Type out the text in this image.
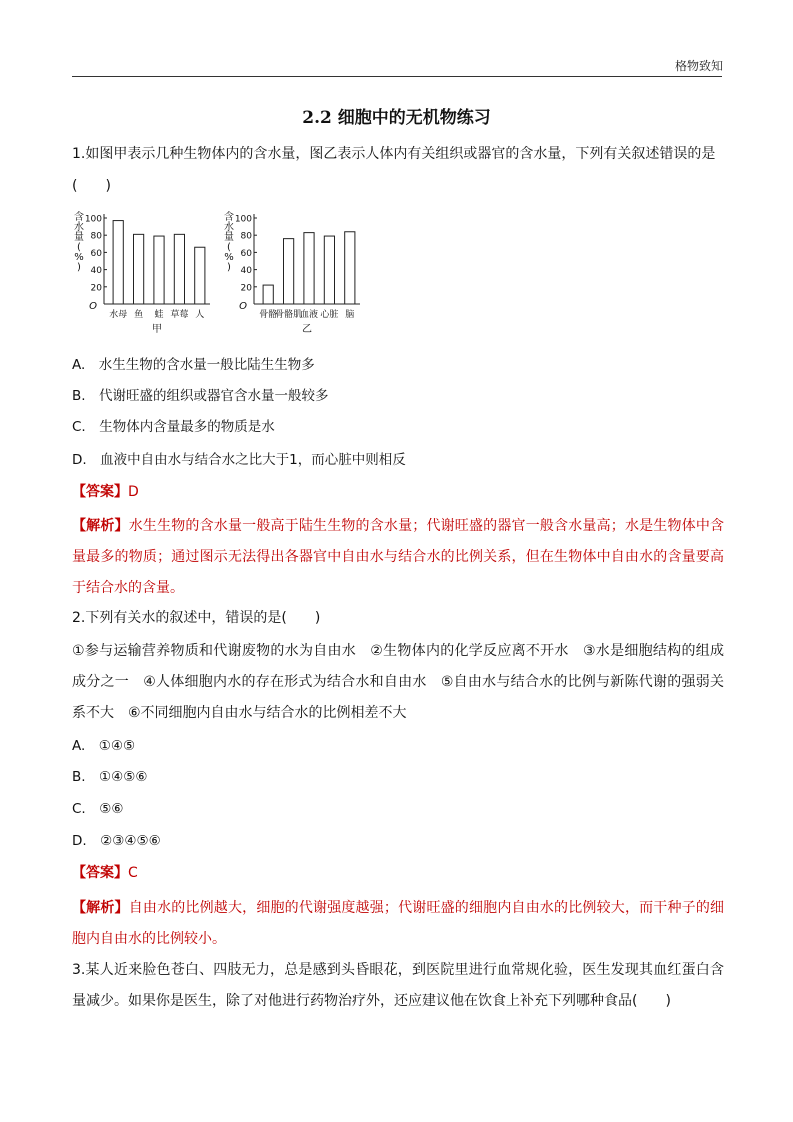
格物致知
2.2 细胞中的无机物练习
1.如图甲表示几种生物体内的含水量，图乙表示人体内有关组织或器官的含水量，下列有关叙述错误的是
(　　)
含水量( % )
O
100
80
60
40
20
水母 鱼 蛙 草莓 人
甲
含水量( % )
O
100
80
60
40
20
骨骼
骨骼肌
血液 心脏 脑
乙
A.　水生生物的含水量一般比陆生生物多
B.　代谢旺盛的组织或器官含水量一般较多
C.　生物体内含量最多的物质是水
D.　血液中自由水与结合水之比大于1，而心脏中则相反
【答案】D
【解析】水生生物的含水量一般高于陆生生物的含水量；代谢旺盛的器官一般含水量高；水是生物体中含量最多的物质；通过图示无法得出各器官中自由水与结合水的比例关系，但在生物体中自由水的含量要高于结合水的含量。
2.下列有关水的叙述中，错误的是(　　)
①参与运输营养物质和代谢废物的水为自由水　②生物体内的化学反应离不开水　③水是细胞结构的组成成分之一　④人体细胞内水的存在形式为结合水和自由水　⑤自由水与结合水的比例与新陈代谢的强弱关系不大　⑥不同细胞内自由水与结合水的比例相差不大
A.　①④⑤
B.　①④⑤⑥
C.　⑤⑥
D.　②③④⑤⑥
【答案】C
【解析】自由水的比例越大，细胞的代谢强度越强；代谢旺盛的细胞内自由水的比例较大，而干种子的细胞内自由水的比例较小。
3.某人近来脸色苍白、四肢无力，总是感到头昏眼花，到医院里进行血常规化验，医生发现其血红蛋白含量减少。如果你是医生，除了对他进行药物治疗外，还应建议他在饮食上补充下列哪种食品(　　)
